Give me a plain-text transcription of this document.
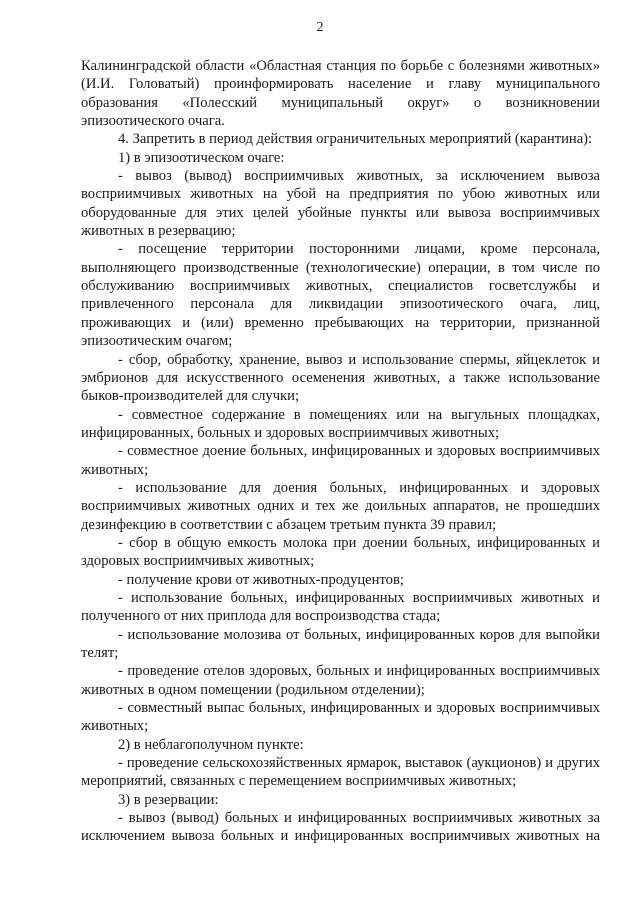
2

Калининградской области «Областная станция по борьбе с болезнями животных» (И.И. Головатый) проинформировать население и главу муниципального образования «Полесский муниципальный округ» о возникновении эпизоотического очага.

4. Запретить в период действия ограничительных мероприятий (карантина):

1) в эпизоотическом очаге:

- вывоз (вывод) восприимчивых животных, за исключением вывоза восприимчивых животных на убой на предприятия по убою животных или оборудованные для этих целей убойные пункты или вывоза восприимчивых животных в резервацию;

- посещение территории посторонними лицами, кроме персонала, выполняющего производственные (технологические) операции, в том числе по обслуживанию восприимчивых животных, специалистов госветслужбы и привлеченного персонала для ликвидации эпизоотического очага, лиц, проживающих и (или) временно пребывающих на территории, признанной эпизоотическим очагом;

- сбор, обработку, хранение, вывоз и использование спермы, яйцеклеток и эмбрионов для искусственного осеменения животных, а также использование быков-производителей для случки;

- совместное содержание в помещениях или на выгульных площадках, инфицированных, больных и здоровых восприимчивых животных;

- совместное доение больных, инфицированных и здоровых восприимчивых животных;

- использование для доения больных, инфицированных и здоровых восприимчивых животных одних и тех же доильных аппаратов, не прошедших дезинфекцию в соответствии с абзацем третьим пункта 39 правил;

- сбор в общую емкость молока при доении больных, инфицированных и здоровых восприимчивых животных;

- получение крови от животных-продуцентов;

- использование больных, инфицированных восприимчивых животных и полученного от них приплода для воспроизводства стада;

- использование молозива от больных, инфицированных коров для выпойки телят;

- проведение отелов здоровых, больных и инфицированных восприимчивых животных в одном помещении (родильном отделении);

- совместный выпас больных, инфицированных и здоровых восприимчивых животных;

2) в неблагополучном пункте:

- проведение сельскохозяйственных ярмарок, выставок (аукционов) и других мероприятий, связанных с перемещением восприимчивых животных;

3) в резервации:

- вывоз (вывод) больных и инфицированных восприимчивых животных за исключением вывоза больных и инфицированных восприимчивых животных на
